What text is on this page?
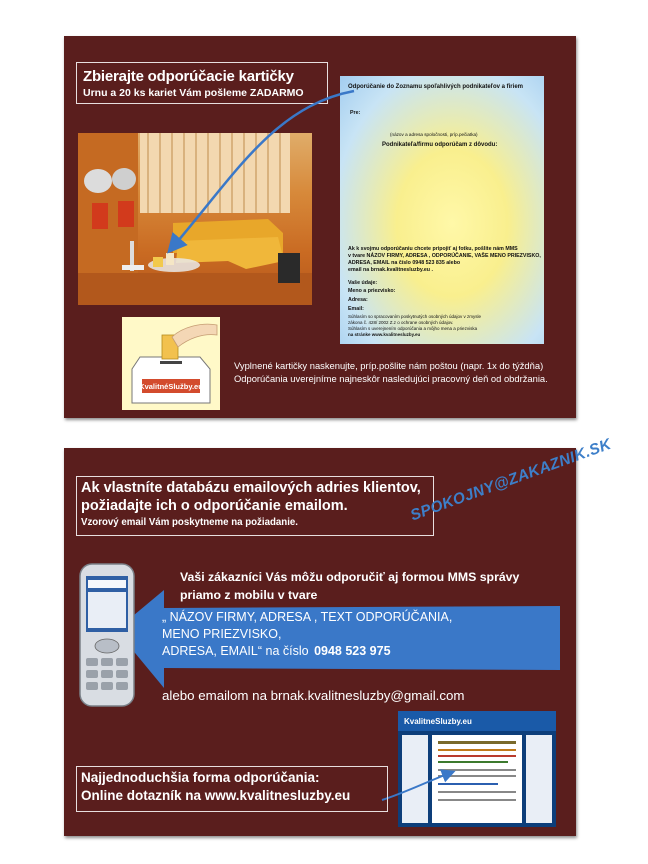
Zbierajte odporúčacie kartičky
Urnu a 20 ks kariet Vám pošleme ZADARMO	Odporúčanie do Zoznamu spoľahlivých podnikateľov a firiem
Pre:
(názov a adresa spoločnosti, príp.pečiatka)
Podnikateľa/firmu odporúčam z dôvodu:
Ak k svojmu odporúčaniu chcete pripojiť aj fotku, pošlite nám MMS
v tvare NÁZOV FIRMY, ADRESA , ODPORÚČANIE, VAŠE MENO PRIEZVISKO,
ADRESA, EMAIL na číslo 0948 523 835 alebo
email na brnak.kvalitnesluzby.eu .
Vaše údaje:
Meno a priezvisko:
Adresa:
Email:
Súhlasím so spracovaním poskytnutých osobných údajov v zmysle
zákona č. 428/ 2002 Z.z o ochrane osobných údajov.
Súhlasím s uverejnením odporúčania a môjho mena a priezviska
na stránke www.kvalitnesluzby.eu
KvalitnéSlužby.eu
Vyplnené kartičky naskenujte, príp.pošlite nám poštou (napr. 1x do týždňa)
Odporúčania uverejníme najneskôr nasledujúci pracovný deň od obdržania.
Ak vlastníte databázu emailových adries klientov,
požiadajte ich o odporúčanie emailom.
Vzorový email Vám poskytneme na požiadanie.	SPOKOJNY@ZAKAZNIK.SK
Vaši zákazníci Vás môžu odporučiť aj formou MMS správy
priamo z mobilu v tvare
„ NÁZOV FIRMY, ADRESA , TEXT ODPORÚČANIA,
MENO PRIEZVISKO,
ADRESA, EMAIL“ na číslo 0948 523 975
alebo emailom na brnak.kvalitnesluzby@gmail.com
KvalitneSluzby.eu
Najjednoduchšia forma odporúčania:
Online dotazník na www.kvalitnesluzby.eu
